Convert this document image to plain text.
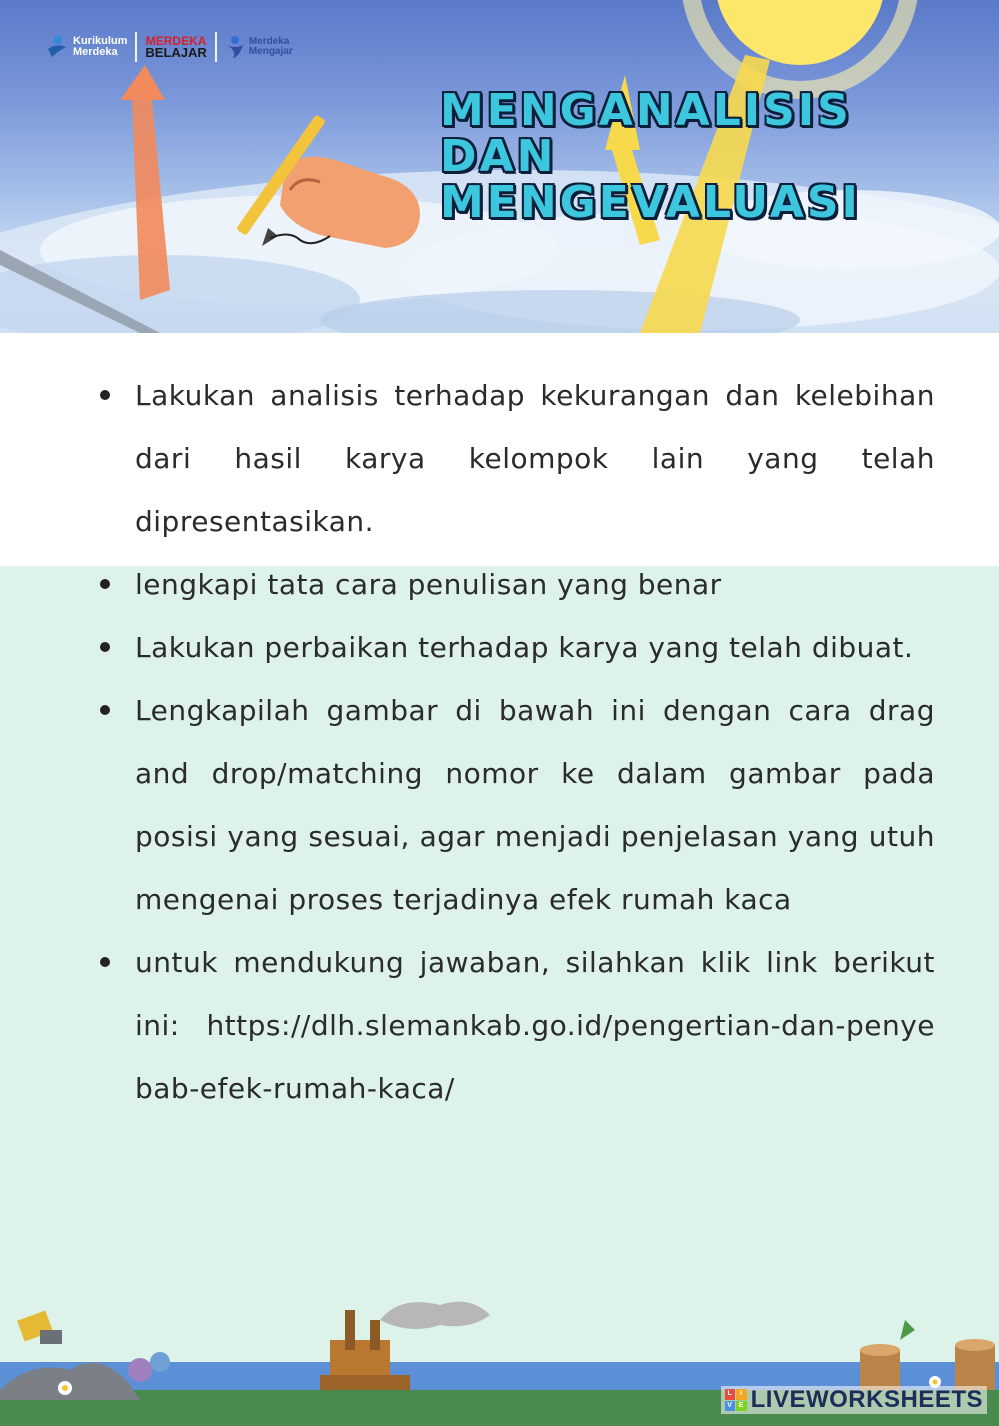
Kurikulum
Merdeka
MERDEKA
BELAJAR
Merdeka
Mengajar
MENGANALISIS
DAN
MENGEVALUASI
Lakukan analisis terhadap kekurangan dan kelebihan dari hasil karya kelompok lain yang telah dipresentasikan.
lengkapi tata cara penulisan yang benar
Lakukan perbaikan terhadap karya yang telah dibuat.
Lengkapilah gambar di bawah ini dengan cara drag and drop/matching nomor ke dalam gambar pada posisi yang sesuai, agar menjadi penjelasan yang utuh mengenai proses terjadinya efek rumah kaca
untuk mendukung jawaban, silahkan klik link berikut ini: https://dlh.slemankab.go.id/pengertian-dan-penyebab-efek-rumah-kaca/
L	I
V E LIVEWORKSHEETS
